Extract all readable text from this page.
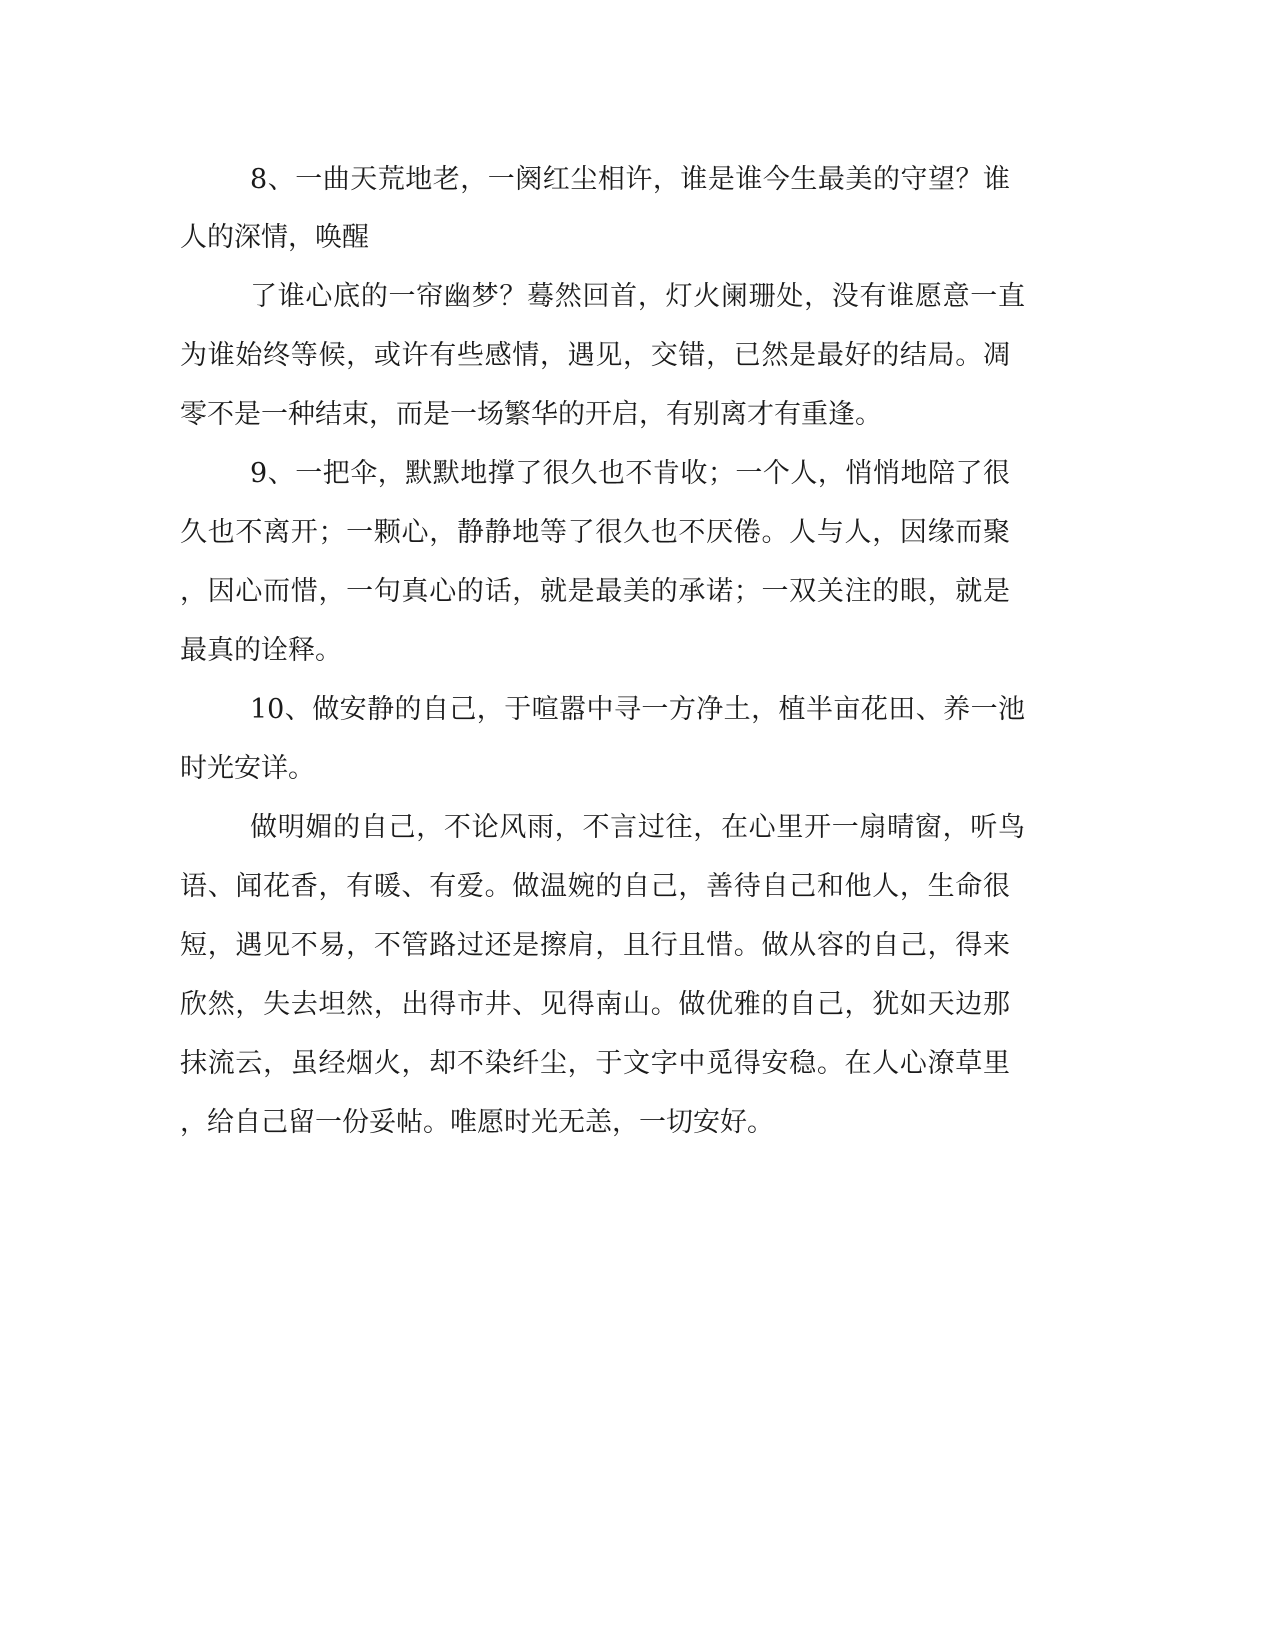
8、一曲天荒地老，一阕红尘相许，谁是谁今生最美的守望？谁
人的深情，唤醒
了谁心底的一帘幽梦？蓦然回首，灯火阑珊处，没有谁愿意一直
为谁始终等候，或许有些感情，遇见，交错，已然是最好的结局。凋
零不是一种结束，而是一场繁华的开启，有别离才有重逢。
9、一把伞，默默地撑了很久也不肯收；一个人，悄悄地陪了很
久也不离开；一颗心，静静地等了很久也不厌倦。人与人，因缘而聚
，因心而惜，一句真心的话，就是最美的承诺；一双关注的眼，就是
最真的诠释。
10、做安静的自己，于喧嚣中寻一方净土，植半亩花田、养一池
时光安详。
做明媚的自己，不论风雨，不言过往，在心里开一扇晴窗，听鸟
语、闻花香，有暖、有爱。做温婉的自己，善待自己和他人，生命很
短，遇见不易，不管路过还是擦肩，且行且惜。做从容的自己，得来
欣然，失去坦然，出得市井、见得南山。做优雅的自己，犹如天边那
抹流云，虽经烟火，却不染纤尘，于文字中觅得安稳。在人心潦草里
，给自己留一份妥帖。唯愿时光无恙，一切安好。
